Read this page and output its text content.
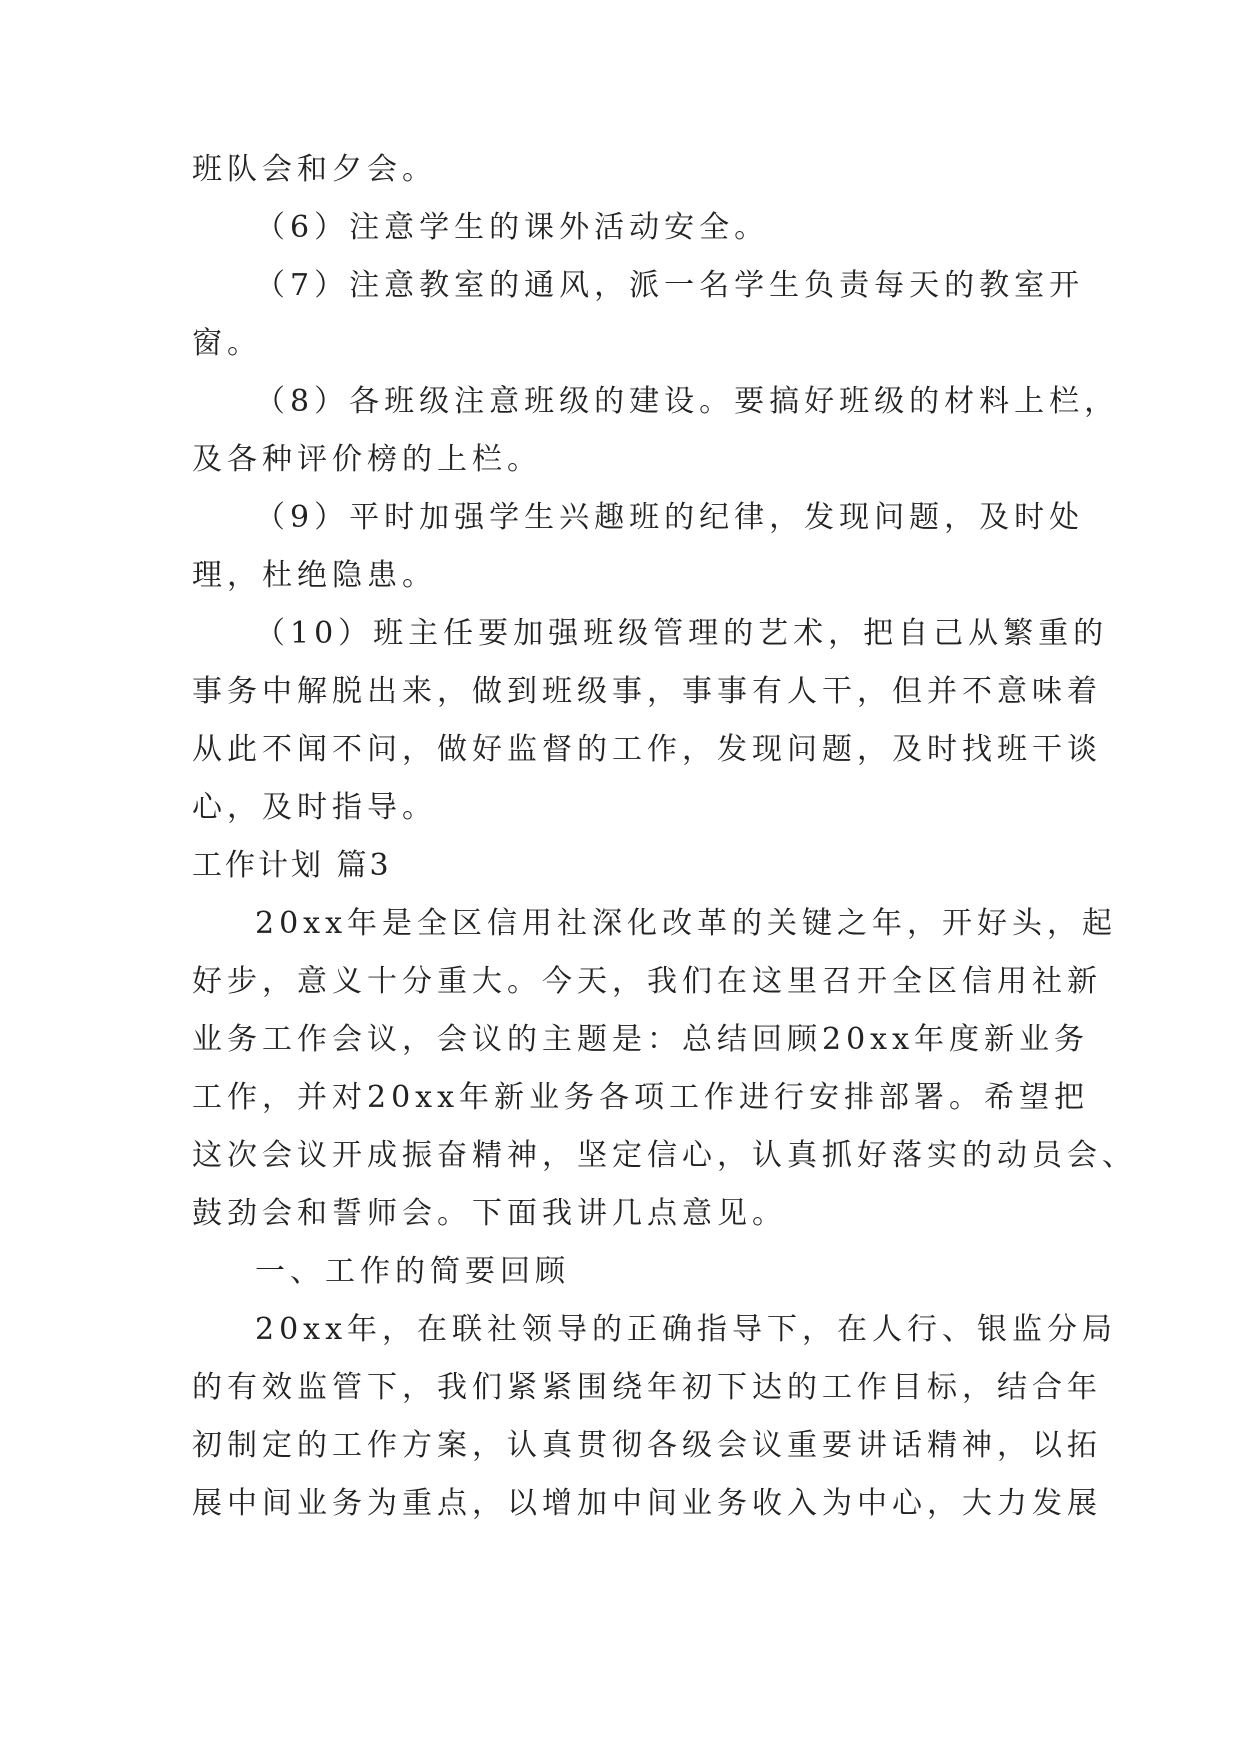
班队会和夕会。
（6）注意学生的课外活动安全。
（7）注意教室的通风，派一名学生负责每天的教室开
窗。
（8）各班级注意班级的建设。要搞好班级的材料上栏，
及各种评价榜的上栏。
（9）平时加强学生兴趣班的纪律，发现问题，及时处
理，杜绝隐患。
（10）班主任要加强班级管理的艺术，把自己从繁重的
事务中解脱出来，做到班级事，事事有人干，但并不意味着
从此不闻不问，做好监督的工作，发现问题，及时找班干谈
心，及时指导。
工作计划 篇3
20xx年是全区信用社深化改革的关键之年，开好头，起
好步，意义十分重大。今天，我们在这里召开全区信用社新
业务工作会议，会议的主题是：总结回顾20xx年度新业务
工作，并对20xx年新业务各项工作进行安排部署。希望把
这次会议开成振奋精神，坚定信心，认真抓好落实的动员会、
鼓劲会和誓师会。下面我讲几点意见。
一、工作的简要回顾
20xx年，在联社领导的正确指导下，在人行、银监分局
的有效监管下，我们紧紧围绕年初下达的工作目标，结合年
初制定的工作方案，认真贯彻各级会议重要讲话精神，以拓
展中间业务为重点，以增加中间业务收入为中心，大力发展
